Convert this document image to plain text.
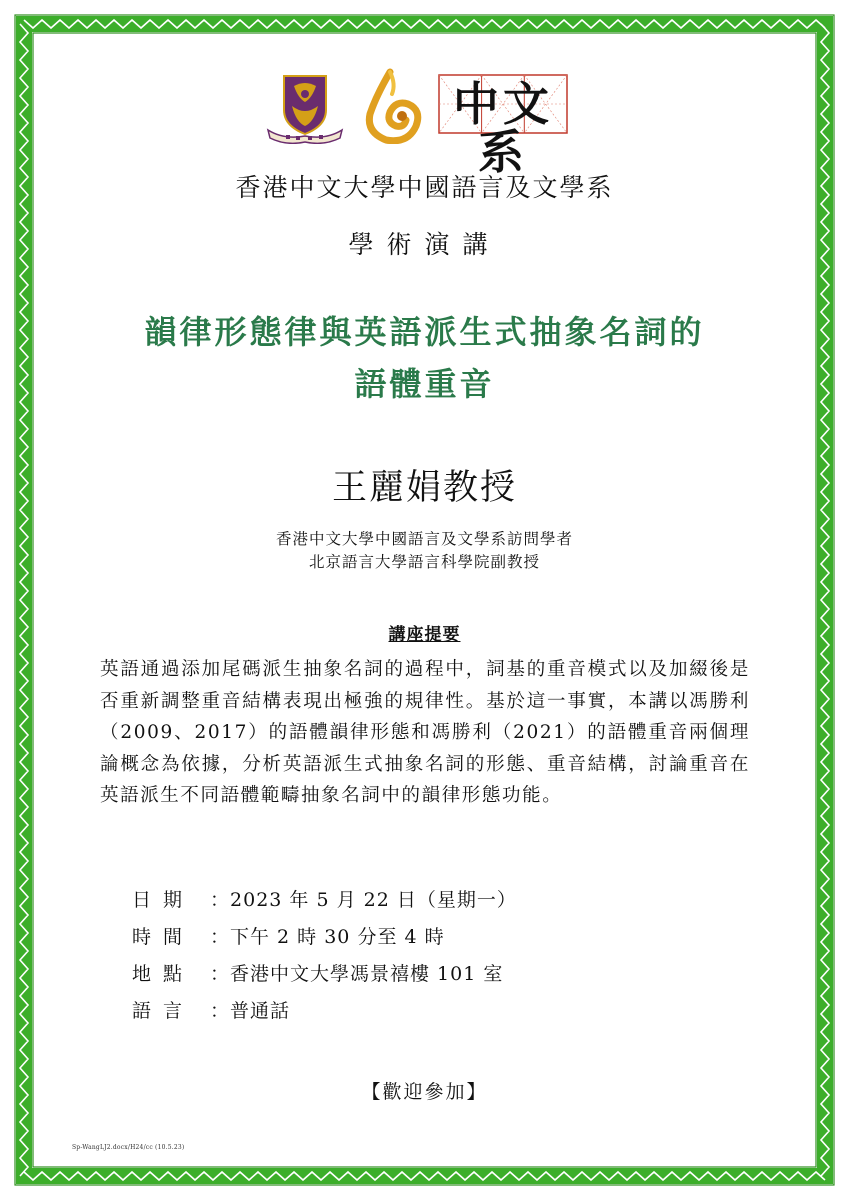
中文系
香港中文大學中國語言及文學系
學術演講
韻律形態律與英語派生式抽象名詞的
語體重音
王麗娟教授
香港中文大學中國語言及文學系訪問學者
北京語言大學語言科學院副教授
講座提要
英語通過添加尾碼派生抽象名詞的過程中，詞基的重音模式以及加綴後是否重新調整重音結構表現出極強的規律性。基於這一事實，本講以馮勝利（2009、2017）的語體韻律形態和馮勝利（2021）的語體重音兩個理論概念為依據，分析英語派生式抽象名詞的形態、重音結構，討論重音在英語派生不同語體範疇抽象名詞中的韻律形態功能。
日期 ：2023 年 5 月 22 日（星期一）
時間 ：下午 2 時 30 分至 4 時
地點 ：香港中文大學馮景禧樓 101 室
語言 ：普通話
【歡迎參加】
Sp-WangLJ2.docx/H24/cc (10.5.23)
